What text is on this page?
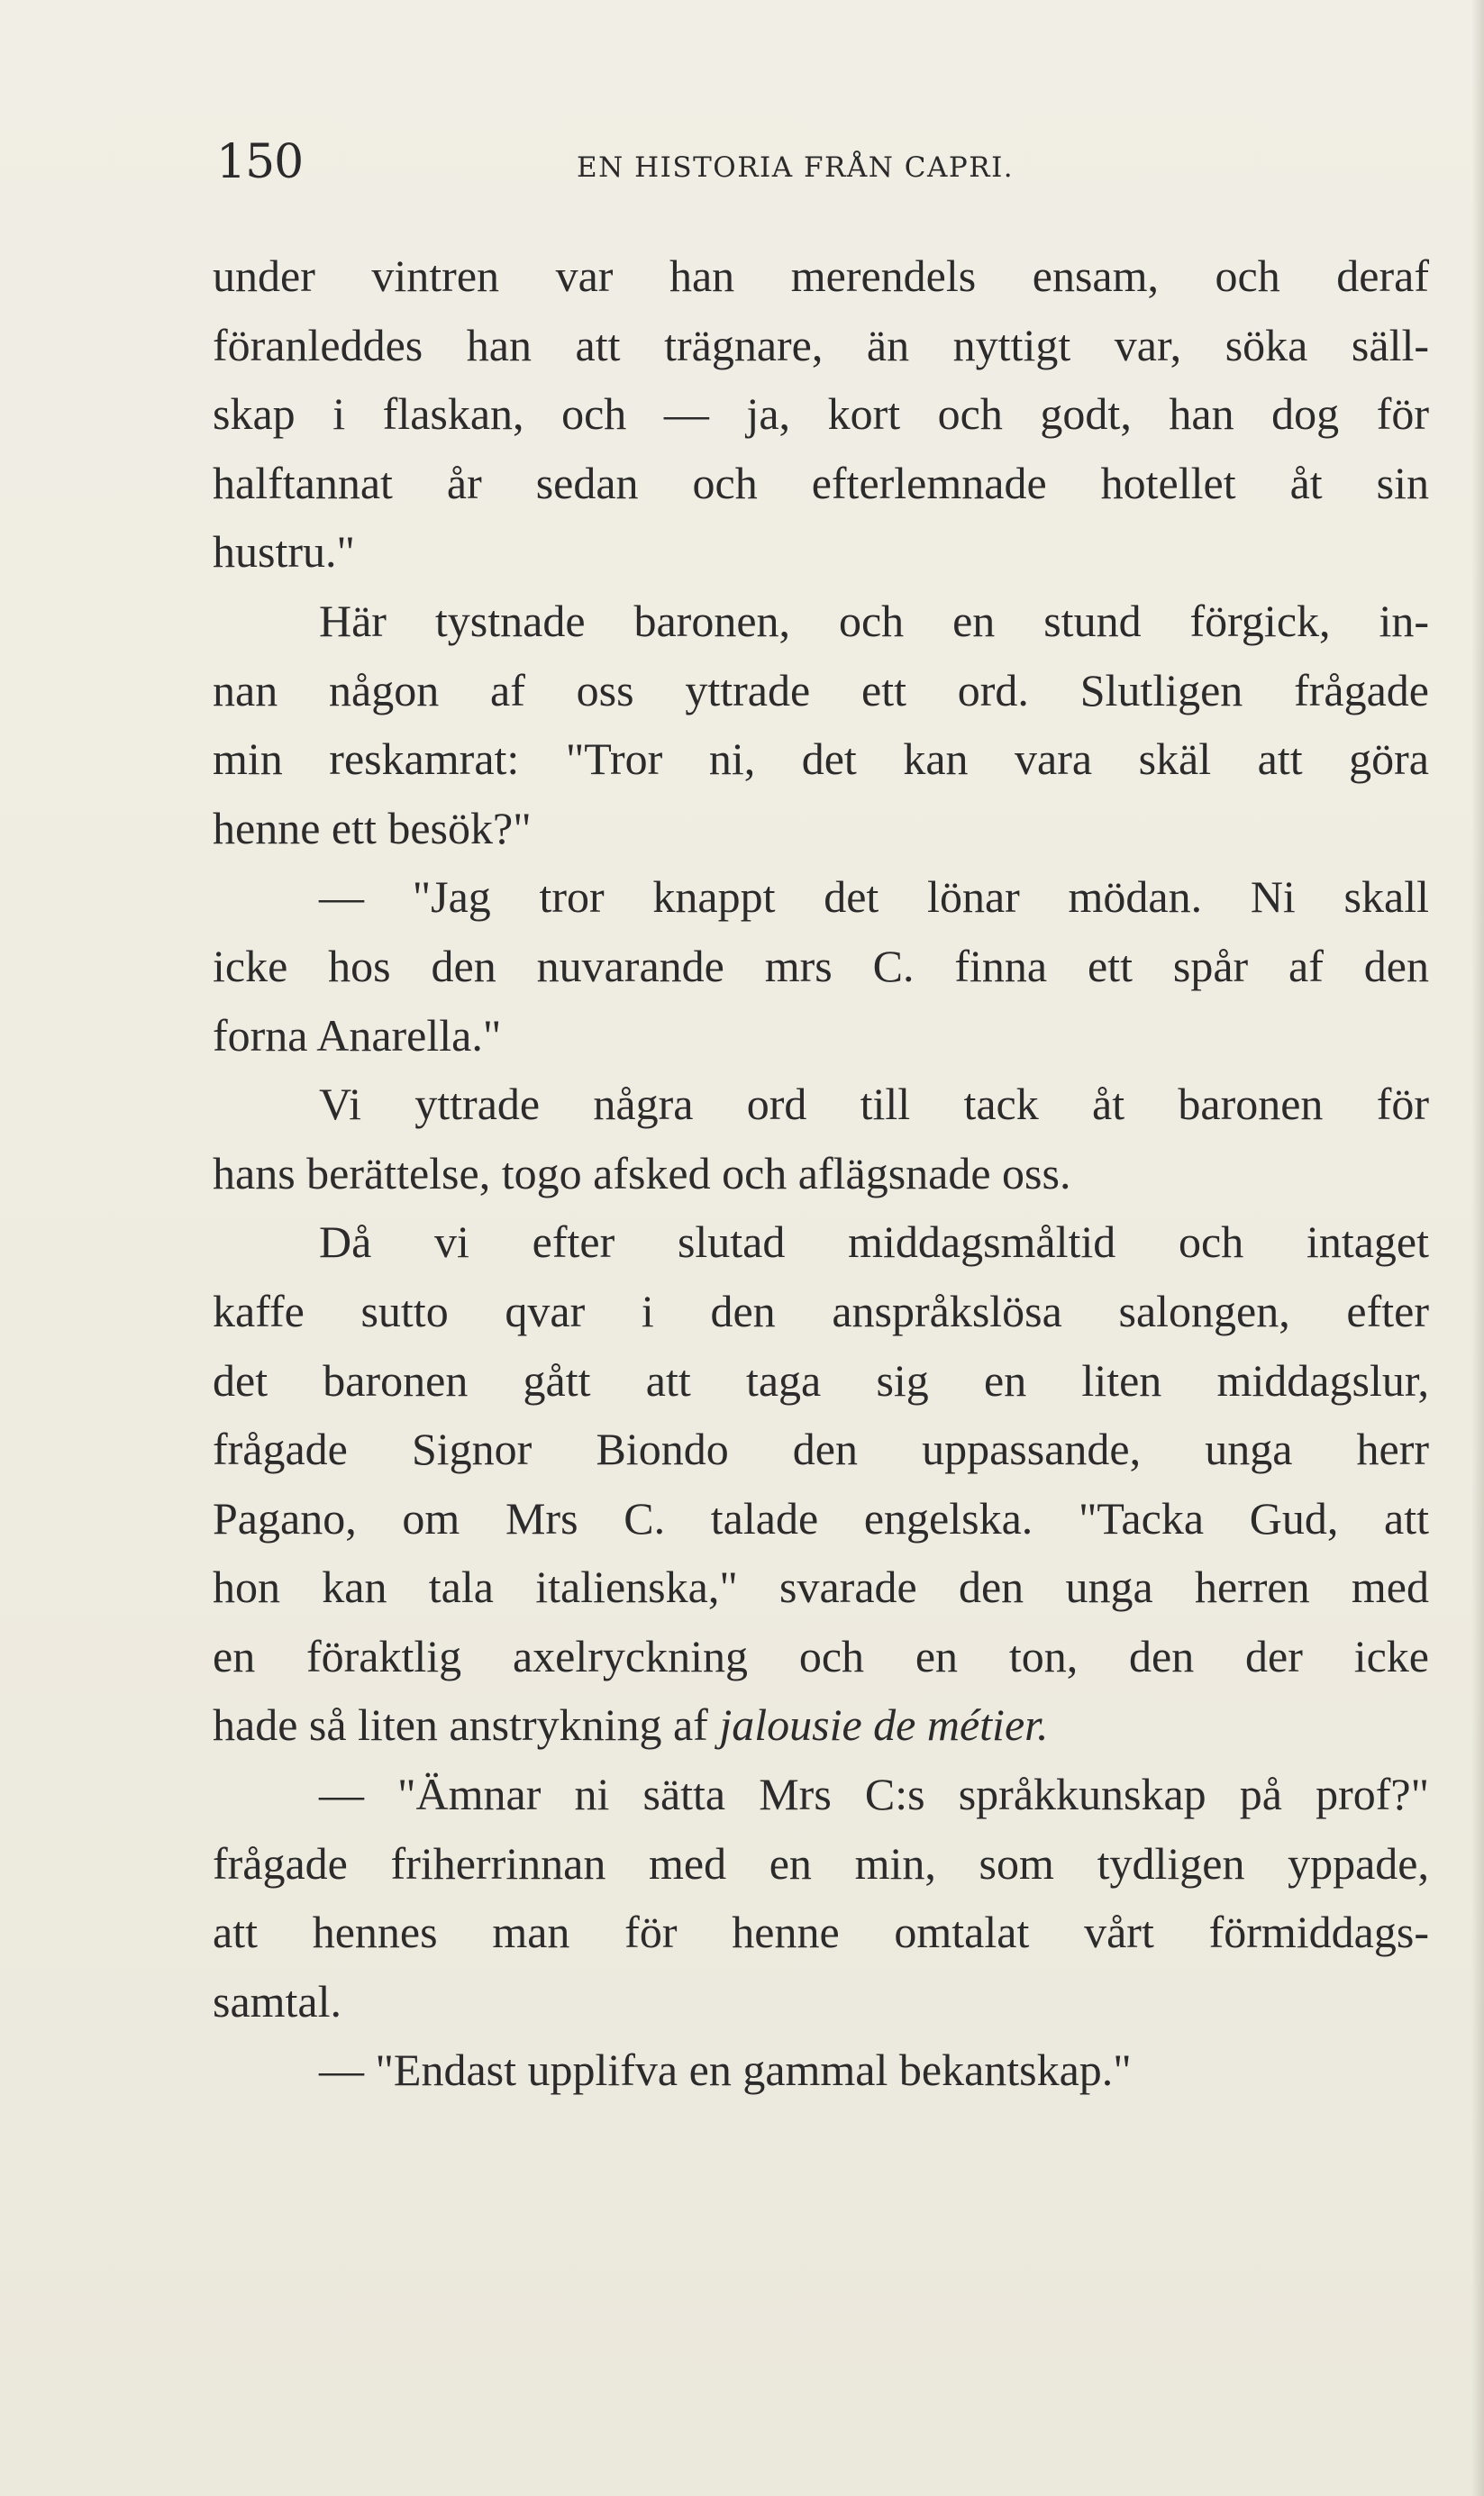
150	EN HISTORIA FRÅN CAPRI.
under vintren var han merendels ensam, och deraf
föranleddes han att trägnare, än nyttigt var, söka säll-
skap i flaskan, och — ja, kort och godt, han dog för
halftannat år sedan och efterlemnade hotellet åt sin
hustru."
Här tystnade baronen, och en stund förgick, in-
nan någon af oss yttrade ett ord. Slutligen frågade
min reskamrat: "Tror ni, det kan vara skäl att göra
henne ett besök?"
— "Jag tror knappt det lönar mödan. Ni skall
icke hos den nuvarande mrs C. finna ett spår af den
forna Anarella."
Vi yttrade några ord till tack åt baronen för
hans berättelse, togo afsked och aflägsnade oss.
Då vi efter slutad middagsmåltid och intaget
kaffe sutto qvar i den anspråkslösa salongen, efter
det baronen gått att taga sig en liten middagslur,
frågade Signor Biondo den uppassande, unga herr
Pagano, om Mrs C. talade engelska. "Tacka Gud, att
hon kan tala italienska," svarade den unga herren med
en föraktlig axelryckning och en ton, den der icke
hade så liten anstrykning af jalousie de métier.
— "Ämnar ni sätta Mrs C:s språkkunskap på prof?"
frågade friherrinnan med en min, som tydligen yppade,
att hennes man för henne omtalat vårt förmiddags-
samtal.
— "Endast upplifva en gammal bekantskap."
